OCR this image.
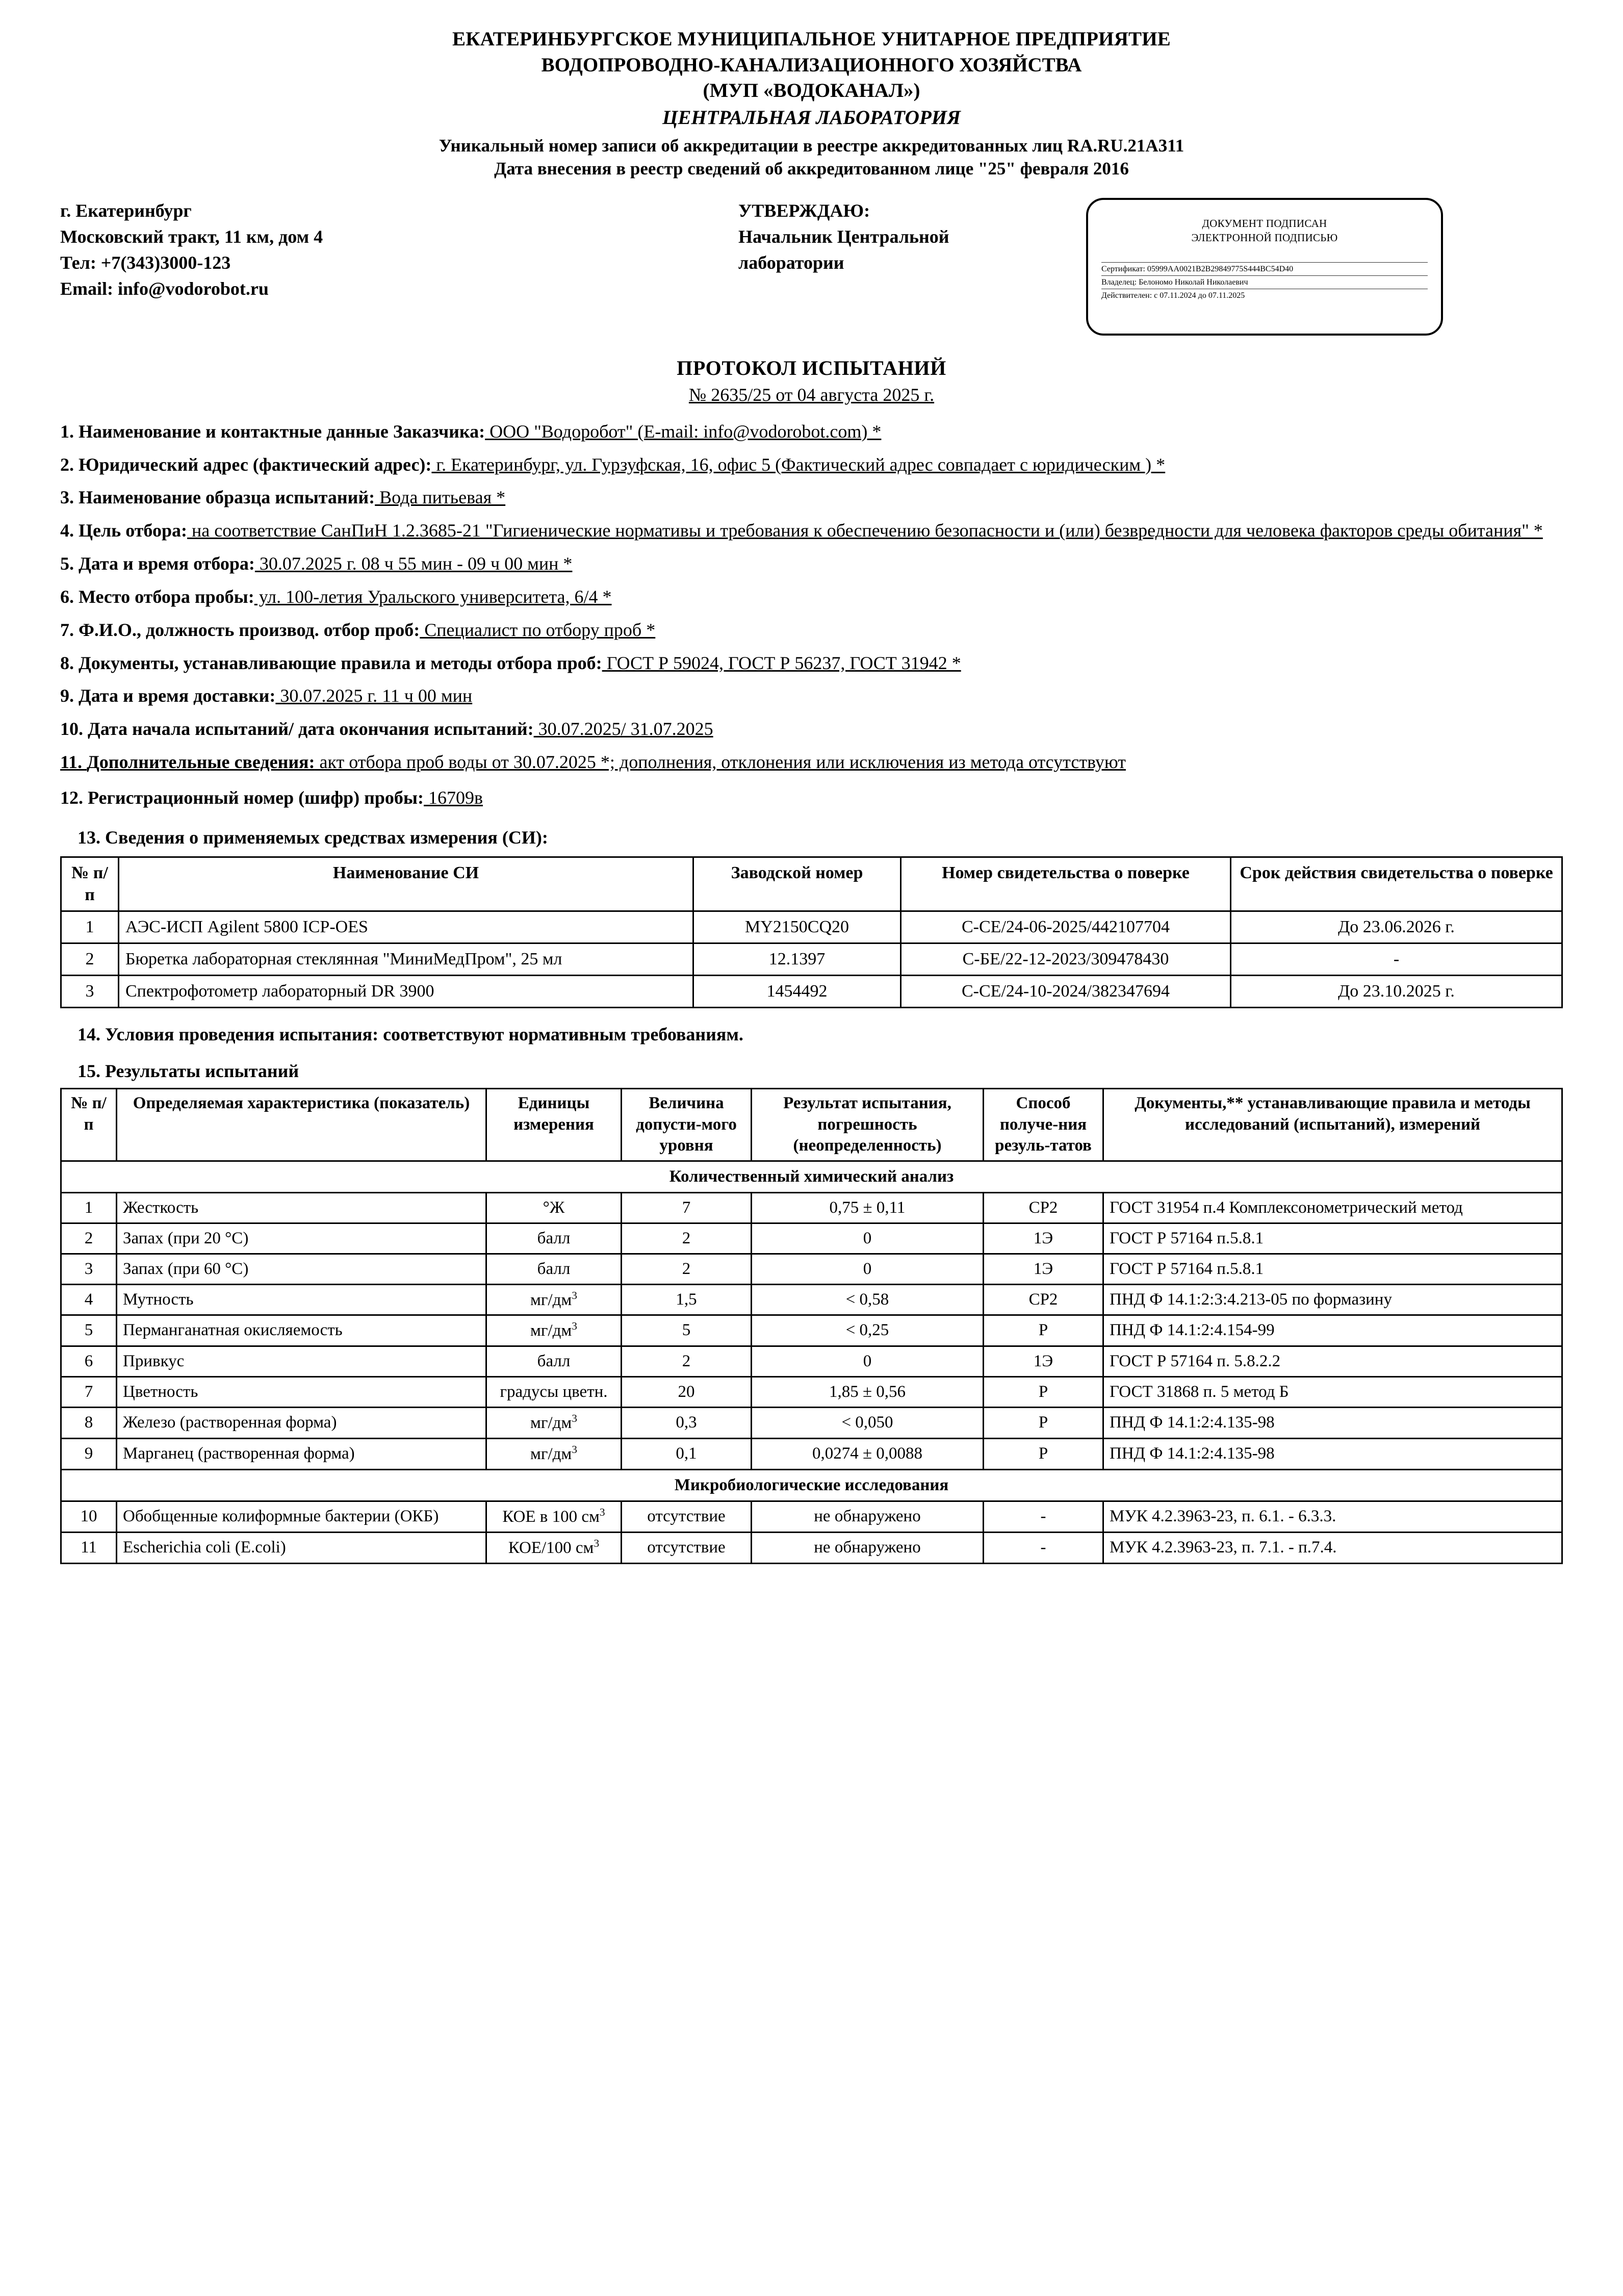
ЕКАТЕРИНБУРГСКОЕ МУНИЦИПАЛЬНОЕ УНИТАРНОЕ ПРЕДПРИЯТИЕ
ВОДОПРОВОДНО-КАНАЛИЗАЦИОННОГО ХОЗЯЙСТВА
(МУП «ВОДОКАНАЛ»)
ЦЕНТРАЛЬНАЯ ЛАБОРАТОРИЯ
Уникальный номер записи об аккредитации в реестре аккредитованных лиц RA.RU.21A311
Дата внесения в реестр сведений об аккредитованном лице "25" февраля 2016
г. Екатеринбург
Московский тракт, 11 км, дом 4
Тел: +7(343)3000-123
Email: info@vodorobot.ru
УТВЕРЖДАЮ:
Начальник Центральной
лаборатории
ДОКУМЕНТ ПОДПИСАН
ЭЛЕКТРОННОЙ ПОДПИСЬЮ
Сертификат: 05999AA0021B2B29849775S444BC54D40
Владелец: Белономо Николай Николаевич
Действителен: с 07.11.2024 до 07.11.2025
ПРОТОКОЛ ИСПЫТАНИЙ
№ 2635/25 от 04 августа 2025 г.
1. Наименование и контактные данные Заказчика: ООО "Водоробот" (E-mail: info@vodorobot.com) *
2. Юридический адрес (фактический адрес): г. Екатеринбург, ул. Гурзуфская, 16, офис 5 (Фактический адрес совпадает с юридическим ) *
3. Наименование образца испытаний: Вода питьевая *
4. Цель отбора: на соответствие СанПиН 1.2.3685-21 "Гигиенические нормативы и требования к обеспечению безопасности и (или) безвредности для человека факторов среды обитания" *
5. Дата и время отбора: 30.07.2025 г. 08 ч 55 мин - 09 ч 00 мин *
6. Место отбора пробы: ул. 100-летия Уральского университета, 6/4 *
7. Ф.И.О., должность производ. отбор проб: Специалист по отбору проб *
8. Документы, устанавливающие правила и методы отбора проб: ГОСТ Р 59024, ГОСТ Р 56237, ГОСТ 31942 *
9. Дата и время доставки: 30.07.2025 г. 11 ч 00 мин
10. Дата начала испытаний/ дата окончания испытаний: 30.07.2025/ 31.07.2025
11. Дополнительные сведения: акт отбора проб воды от 30.07.2025 *; дополнения, отклонения или исключения из метода отсутствуют
12. Регистрационный номер (шифр) пробы: 16709в
13. Сведения о применяемых средствах измерения (СИ):
№ п/п	Наименование СИ	Заводской номер	Номер свидетельства о поверке	Срок действия свидетельства о поверке
1	АЭС-ИСП Agilent 5800 ICP-OES	MY2150CQ20	С-СЕ/24-06-2025/442107704	До 23.06.2026 г.
2	Бюретка лабораторная стеклянная "МиниМедПром", 25 мл	12.1397	С-БЕ/22-12-2023/309478430	-
3	Спектрофотометр лабораторный DR 3900	1454492	С-СЕ/24-10-2024/382347694	До 23.10.2025 г.
14. Условия проведения испытания: соответствуют нормативным требованиям.
15. Результаты испытаний
№ п/п	Определяемая характеристика (показатель)	Единицы измерения	Величина допусти-мого уровня	Результат испытания, погрешность (неопределенность)	Способ получе-ния резуль-татов	Документы,** устанавливающие правила и методы исследований (испытаний), измерений
Количественный химический анализ						
1	Жесткость	°Ж	7	0,75 ± 0,11	СР2	ГОСТ 31954 п.4 Комплексонометрический метод
2	Запах (при 20 °С)	балл	2	0	1Э	ГОСТ Р 57164 п.5.8.1
3	Запах (при 60 °С)	балл	2	0	1Э	ГОСТ Р 57164 п.5.8.1
4	Мутность	$мг/дм^3$	1,5	< 0,58	СР2	ПНД Ф 14.1:2:3:4.213-05 по формазину
5	Перманганатная окисляемость	$мг/дм^3$	5	< 0,25	Р	ПНД Ф 14.1:2:4.154-99
6	Привкус	балл	2	0	1Э	ГОСТ Р 57164 п. 5.8.2.2
7	Цветность	градусы цветн.	20	1,85 ± 0,56	Р	ГОСТ 31868 п. 5 метод Б
8	Железо (растворенная форма)	$мг/дм^3$	0,3	< 0,050	Р	ПНД Ф 14.1:2:4.135-98
9	Марганец (растворенная форма)	$мг/дм^3$	0,1	0,0274 ± 0,0088	Р	ПНД Ф 14.1:2:4.135-98
Микробиологические исследования						
10	Обобщенные колиформные бактерии (ОКБ)	КОЕ в 100 $см^3$	отсутствие	не обнаружено	-	МУК 4.2.3963-23, п. 6.1. - 6.3.3.
11	Escherichia coli (E.coli)	КОЕ/100 $см^3$	отсутствие	не обнаружено	-	МУК 4.2.3963-23, п. 7.1. - п.7.4.
